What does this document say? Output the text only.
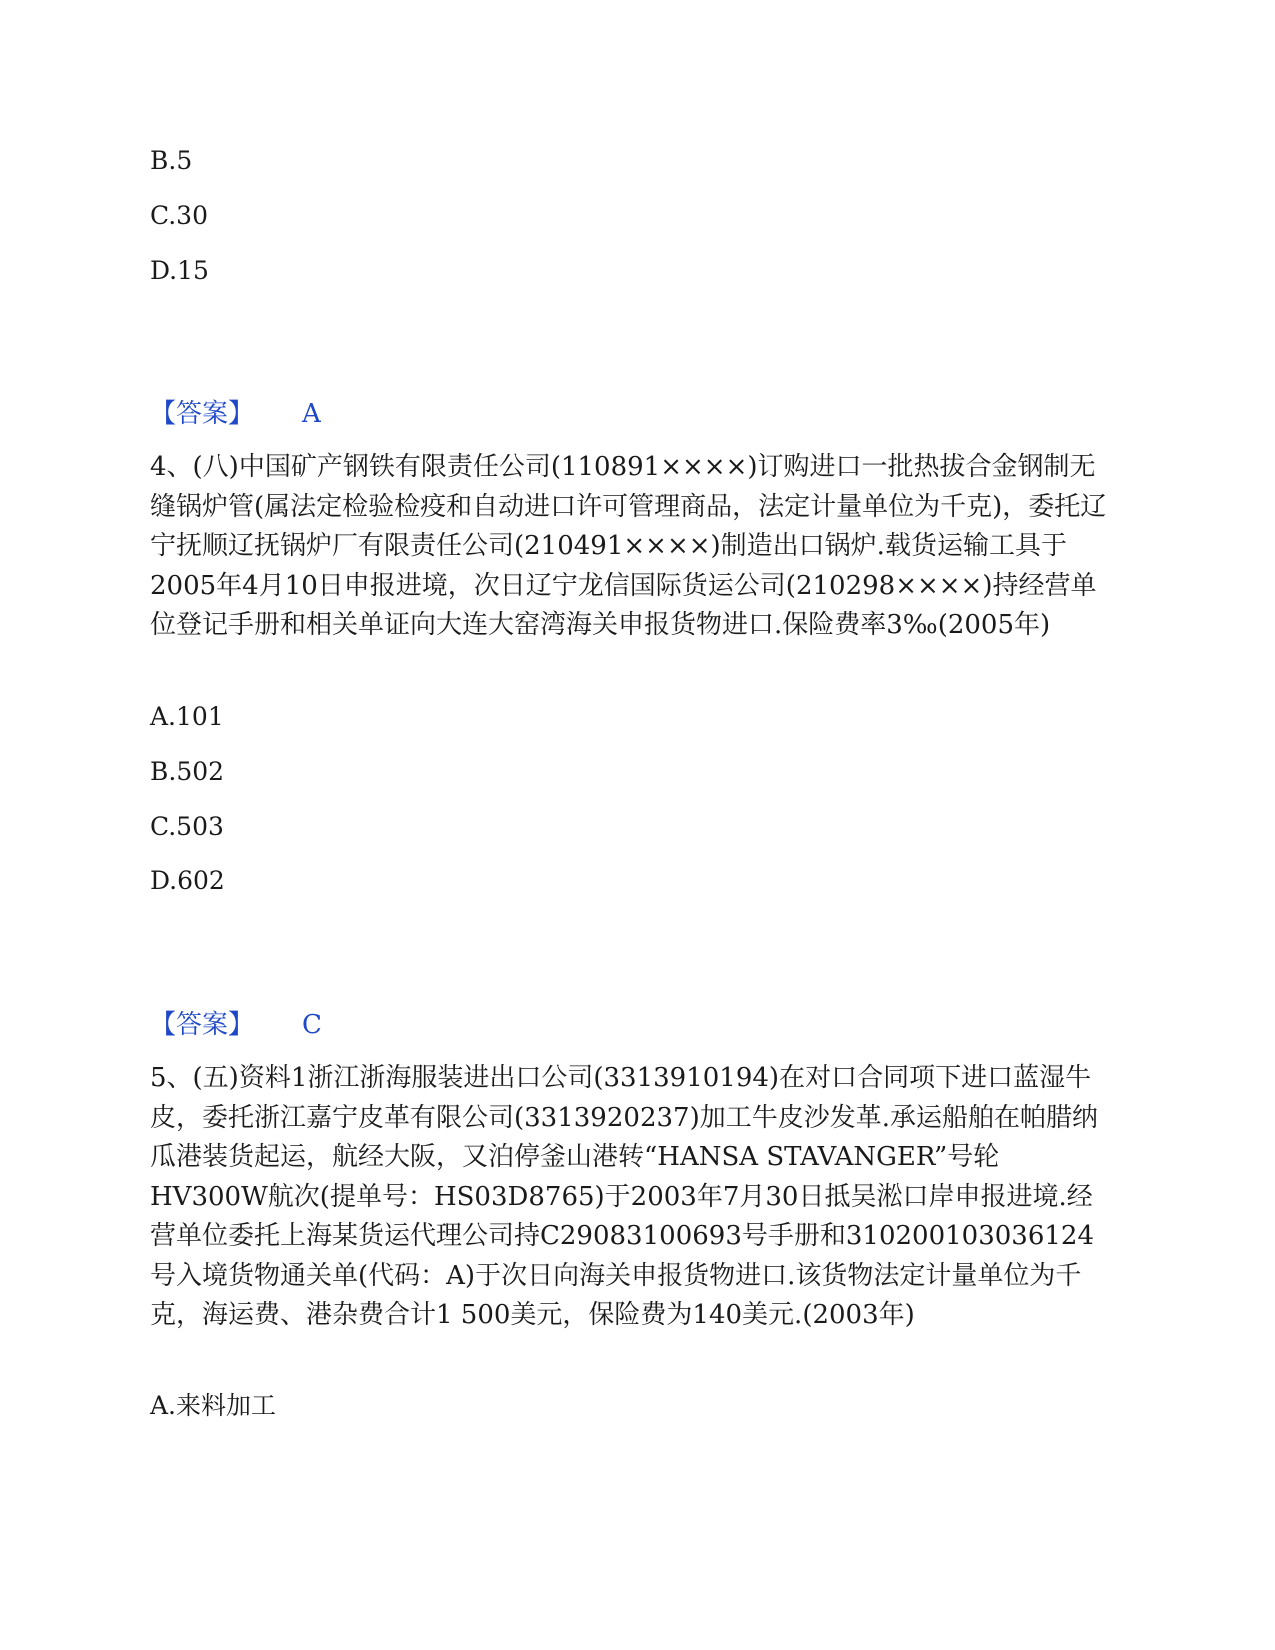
B.5
C.30
D.15
【答案】 A

4、(八)中国矿产钢铁有限责任公司(110891××××)订购进口一批热拔合金钢制无缝锅炉管(属法定检验检疫和自动进口许可管理商品，法定计量单位为千克)，委托辽宁抚顺辽抚锅炉厂有限责任公司(210491××××)制造出口锅炉.载货运输工具于2005年4月10日申报进境，次日辽宁龙信国际货运公司(210298××××)持经营单位登记手册和相关单证向大连大窑湾海关申报货物进口.保险费率3‰(2005年)

A.101
B.502
C.503
D.602
【答案】 C

5、(五)资料1浙江浙海服装进出口公司(3313910194)在对口合同项下进口蓝湿牛皮，委托浙江嘉宁皮革有限公司(3313920237)加工牛皮沙发革.承运船舶在帕腊纳瓜港装货起运，航经大阪，又泊停釜山港转“HANSA STAVANGER”号轮HV300W航次(提单号：HS03D8765)于2003年7月30日抵吴淞口岸申报进境.经营单位委托上海某货运代理公司持C29083100693号手册和310200103036124号入境货物通关单(代码：A)于次日向海关申报货物进口.该货物法定计量单位为千克，海运费、港杂费合计1 500美元，保险费为140美元.(2003年)

A.来料加工
